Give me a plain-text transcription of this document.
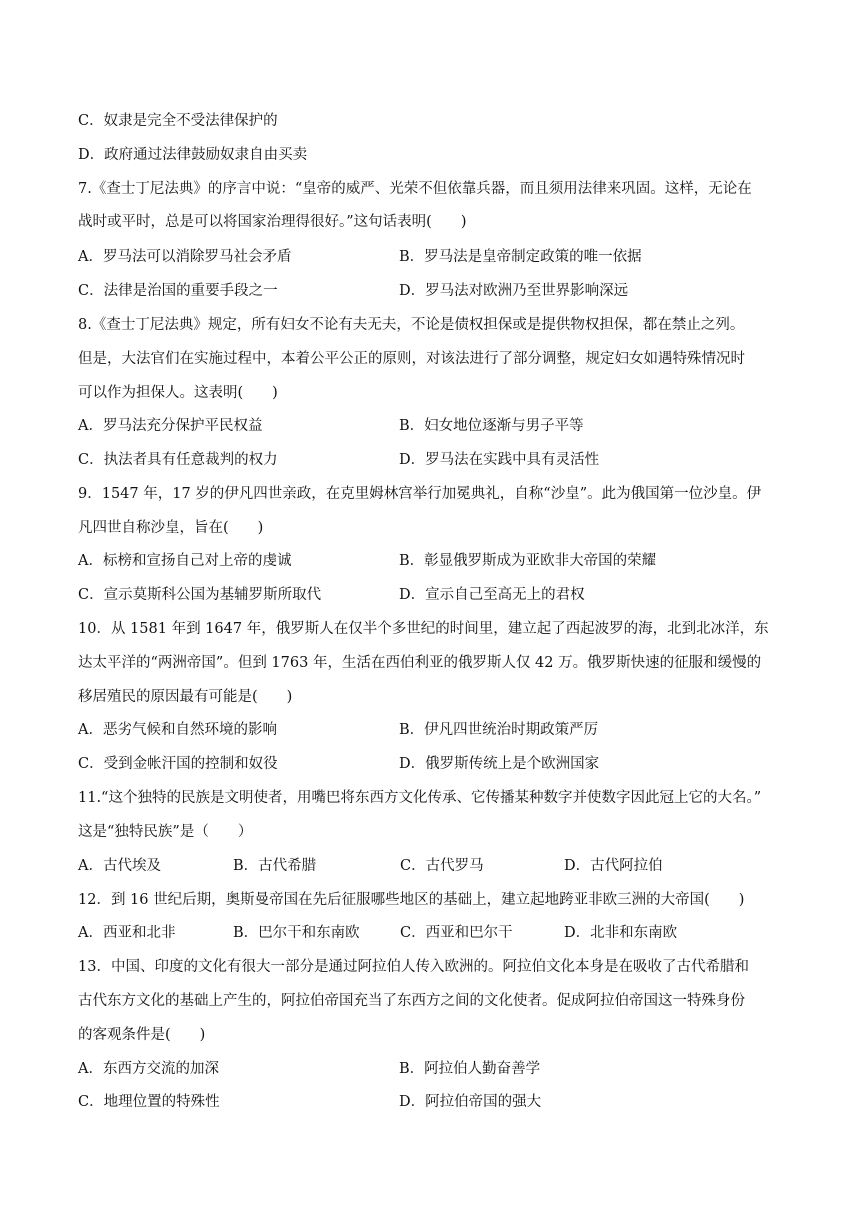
C．奴隶是完全不受法律保护的
D．政府通过法律鼓励奴隶自由买卖
7.《查士丁尼法典》的序言中说：“皇帝的威严、光荣不但依靠兵器，而且须用法律来巩固。这样，无论在
战时或平时，总是可以将国家治理得很好。”这句话表明(　　)
A．罗马法可以消除罗马社会矛盾	B．罗马法是皇帝制定政策的唯一依据
C．法律是治国的重要手段之一	D．罗马法对欧洲乃至世界影响深远
8.《查士丁尼法典》规定，所有妇女不论有夫无夫，不论是债权担保或是提供物权担保，都在禁止之列。
但是，大法官们在实施过程中，本着公平公正的原则，对该法进行了部分调整，规定妇女如遇特殊情况时
可以作为担保人。这表明(　　)
A．罗马法充分保护平民权益	B．妇女地位逐渐与男子平等
C．执法者具有任意裁判的权力	D．罗马法在实践中具有灵活性
9．1547 年，17 岁的伊凡四世亲政，在克里姆林宫举行加冕典礼，自称“沙皇”。此为俄国第一位沙皇。伊
凡四世自称沙皇，旨在(　　)
A．标榜和宣扬自己对上帝的虔诚	B．彰显俄罗斯成为亚欧非大帝国的荣耀
C．宣示莫斯科公国为基辅罗斯所取代	D．宣示自己至高无上的君权
10．从 1581 年到 1647 年，俄罗斯人在仅半个多世纪的时间里，建立起了西起波罗的海，北到北冰洋，东
达太平洋的“两洲帝国”。但到 1763 年，生活在西伯利亚的俄罗斯人仅 42 万。俄罗斯快速的征服和缓慢的
移居殖民的原因最有可能是(　　)
A．恶劣气候和自然环境的影响	B．伊凡四世统治时期政策严厉
C．受到金帐汗国的控制和奴役	D．俄罗斯传统上是个欧洲国家
11.“这个独特的民族是文明使者，用嘴巴将东西方文化传承、它传播某种数字并使数字因此冠上它的大名。”
这是“独特民族”是（　　）
A．古代埃及	B．古代希腊	C．古代罗马	D．古代阿拉伯
12．到 16 世纪后期，奥斯曼帝国在先后征服哪些地区的基础上，建立起地跨亚非欧三洲的大帝国(　　)
A．西亚和北非	B．巴尔干和东南欧	C．西亚和巴尔干	D．北非和东南欧
13．中国、印度的文化有很大一部分是通过阿拉伯人传入欧洲的。阿拉伯文化本身是在吸收了古代希腊和
古代东方文化的基础上产生的，阿拉伯帝国充当了东西方之间的文化使者。促成阿拉伯帝国这一特殊身份
的客观条件是(　　)
A．东西方交流的加深	B．阿拉伯人勤奋善学
C．地理位置的特殊性	D．阿拉伯帝国的强大
